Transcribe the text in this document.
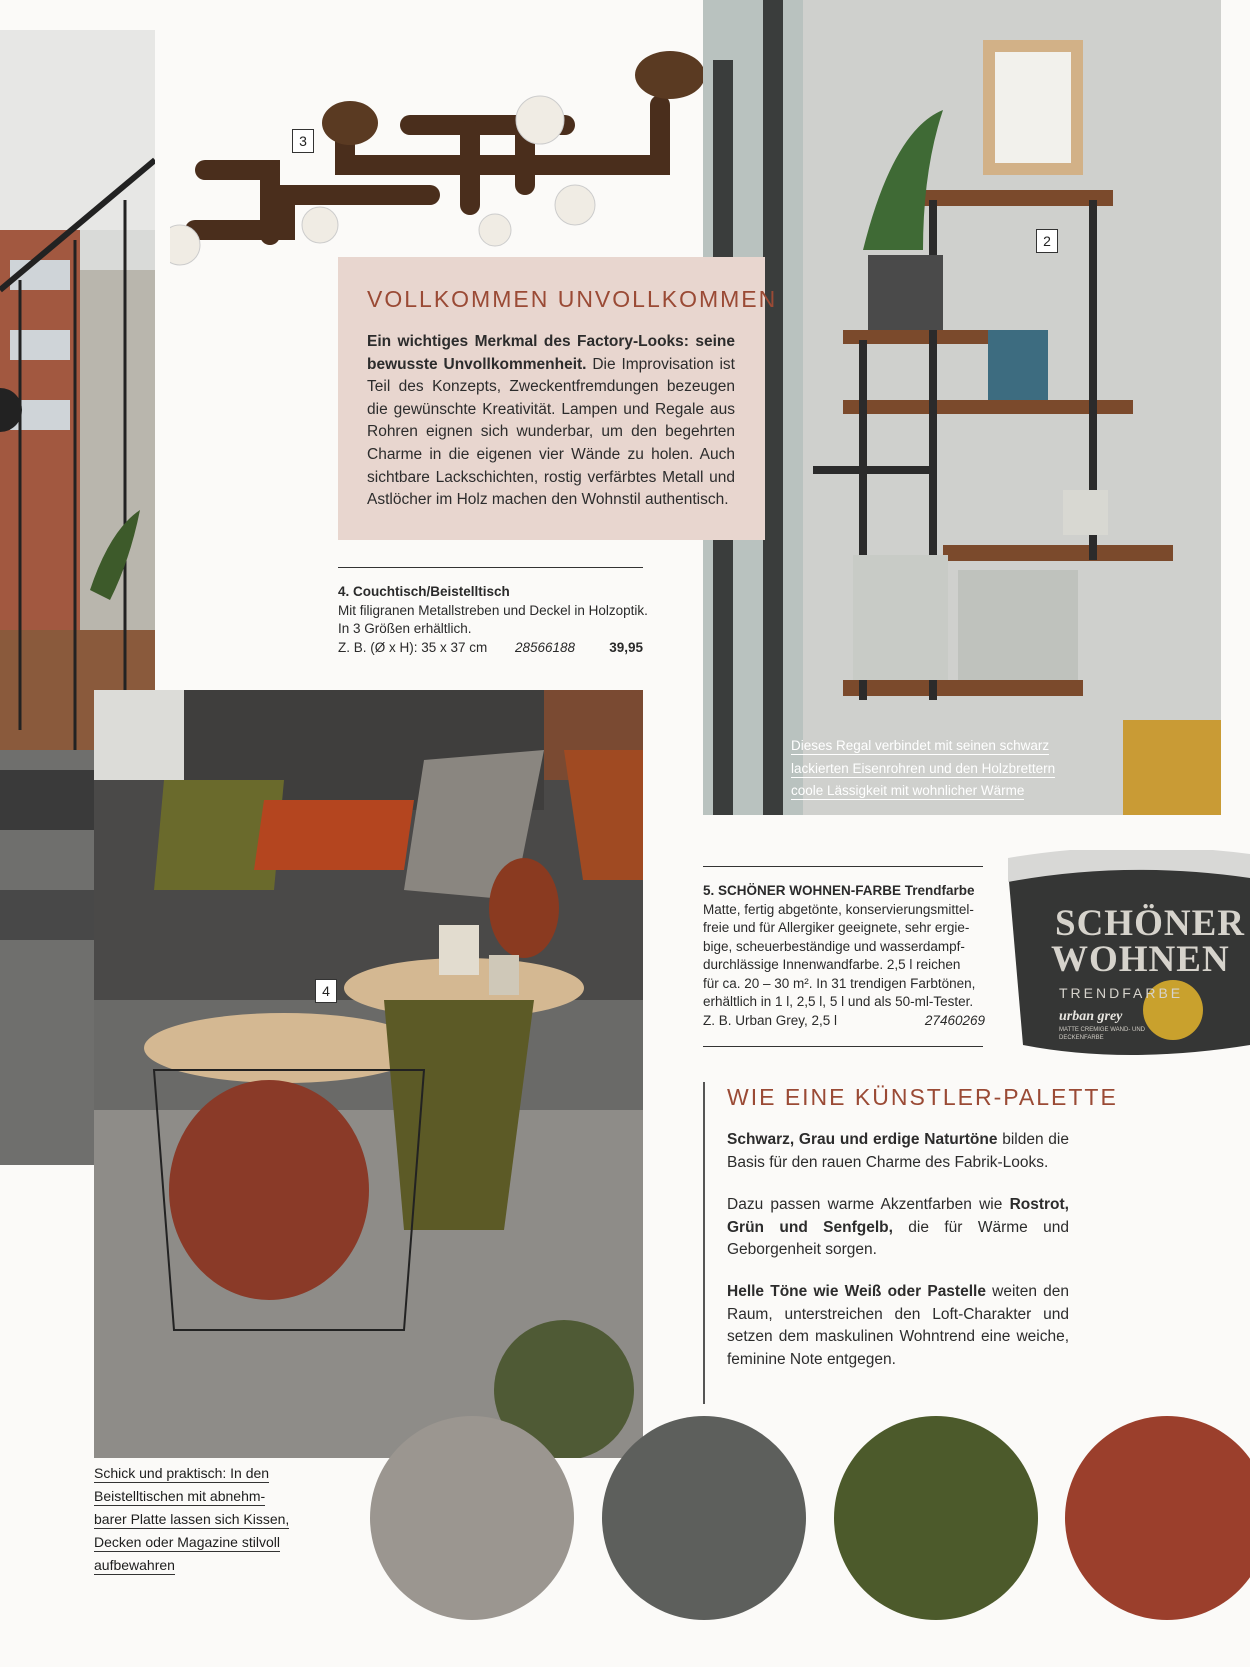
VOLLKOMMEN UNVOLLKOMMEN
Ein wichtiges Merkmal des Factory-Looks: seine bewusste Unvollkommenheit. Die Improvisation ist Teil des Konzepts, Zweckentfremdungen bezeugen die gewünschte Kreativität. Lampen und Regale aus Rohren eignen sich wunderbar, um den begehrten Charme in die eigenen vier Wände zu holen. Auch sichtbare Lackschichten, rostig verfärbtes Metall und Astlöcher im Holz machen den Wohnstil authentisch.
4. Couchtisch/Beistelltisch
Mit filigranen Metallstreben und Deckel in Holzoptik.
In 3 Größen erhältlich.
Z. B. (Ø x H): 35 x 37 cm 28566188	39,95
3
2
4
Dieses Regal verbindet mit seinen schwarz
lackierten Eisenrohren und den Holzbrettern
coole Lässigkeit mit wohnlicher Wärme
5. SCHÖNER WOHNEN-FARBE Trendfarbe
Matte, fertig abgetönte, konservierungsmittel-
freie und für Allergiker geeignete, sehr ergie-
bige, scheuerbeständige und wasserdampf-
durchlässige Innenwandfarbe. 2,5 l reichen
für ca. 20 – 30 m². In 31 trendigen Farbtönen,
erhältlich in 1 l, 2,5 l, 5 l und als 50-ml-Tester.
Z. B. Urban Grey, 2,5 l	27460269
SCHÖNER
WOHNEN
TRENDFARBE
urban grey
MATTE CREMIGE WAND- UND DECKENFARBE
WIE EINE KÜNSTLER-PALETTE
Schwarz, Grau und erdige Naturtöne bilden die Basis für den rauen Charme des Fabrik-Looks.
Dazu passen warme Akzentfarben wie Rostrot, Grün und Senfgelb, die für Wärme und Geborgenheit sorgen.
Helle Töne wie Weiß oder Pastelle weiten den Raum, unterstreichen den Loft-Charakter und setzen dem maskulinen Wohntrend eine weiche, feminine Note entgegen.
Schick und praktisch: In den
Beistelltischen mit abnehm-
barer Platte lassen sich Kissen,
Decken oder Magazine stilvoll
aufbewahren
